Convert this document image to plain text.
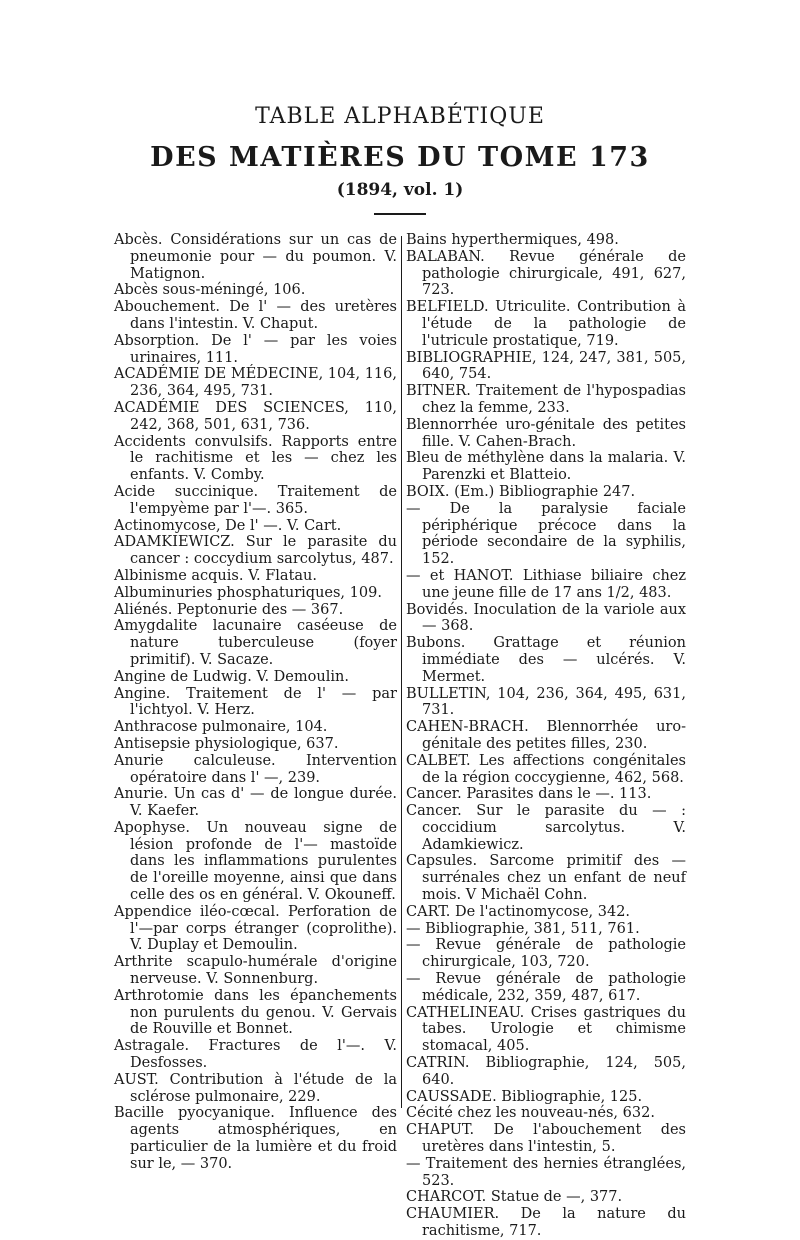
TABLE ALPHABÉTIQUE
DES MATIÈRES DU TOME 173
(1894, vol. 1)

Abcès. Considérations sur un cas de pneumonie pour — du poumon. V. Matignon.

Abcès sous-méningé, 106.

Abouchement. De l' — des uretères dans l'intestin. V. Chaput.

Absorption. De l' — par les voies urinaires, 111.

ACADÉMIE DE MÉDECINE, 104, 116, 236, 364, 495, 731.

ACADÉMIE DES SCIENCES, 110, 242, 368, 501, 631, 736.

Accidents convulsifs. Rapports entre le rachitisme et les — chez les enfants. V. Comby.

Acide succinique. Traitement de l'empyème par l'—. 365.

Actinomycose, De l' —. V. Cart.

ADAMKIEWICZ. Sur le parasite du cancer : coccydium sarcolytus, 487.

Albinisme acquis. V. Flatau.

Albuminuries phosphaturiques, 109.

Aliénés. Peptonurie des — 367.

Amygdalite lacunaire caséeuse de nature tuberculeuse (foyer primitif). V. Sacaze.

Angine de Ludwig. V. Demoulin.

Angine. Traitement de l' — par l'ichtyol. V. Herz.

Anthracose pulmonaire, 104.

Antisepsie physiologique, 637.

Anurie calculeuse. Intervention opératoire dans l' —, 239.

Anurie. Un cas d' — de longue durée. V. Kaefer.

Apophyse. Un nouveau signe de lésion profonde de l'— mastoïde dans les inflammations purulentes de l'oreille moyenne, ainsi que dans celle des os en général. V. Okouneff.

Appendice iléo-cœcal. Perforation de l'—par corps étranger (coprolithe). V. Duplay et Demoulin.

Arthrite scapulo-humérale d'origine nerveuse. V. Sonnenburg.

Arthrotomie dans les épanchements non purulents du genou. V. Gervais de Rouville et Bonnet.

Astragale. Fractures de l'—. V. Desfosses.

AUST. Contribution à l'étude de la sclérose pulmonaire, 229.

Bacille pyocyanique. Influence des agents atmosphériques, en particulier de la lumière et du froid sur le, — 370.

Bains hyperthermiques, 498.

BALABAN. Revue générale de pathologie chirurgicale, 491, 627, 723.

BELFIELD. Utriculite. Contribution à l'étude de la pathologie de l'utricule prostatique, 719.

BIBLIOGRAPHIE, 124, 247, 381, 505, 640, 754.

BITNER. Traitement de l'hypospadias chez la femme, 233.

Blennorrhée uro-génitale des petites fille. V. Cahen-Brach.

Bleu de méthylène dans la malaria. V. Parenzki et Blatteio.

BOIX. (Em.) Bibliographie 247.

— De la paralysie faciale périphérique précoce dans la période secondaire de la syphilis, 152.

— et HANOT. Lithiase biliaire chez une jeune fille de 17 ans 1/2, 483.

Bovidés. Inoculation de la variole aux — 368.

Bubons. Grattage et réunion immédiate des — ulcérés. V. Mermet.

BULLETIN, 104, 236, 364, 495, 631, 731.

CAHEN-BRACH. Blennorrhée uro-génitale des petites filles, 230.

CALBET. Les affections congénitales de la région coccygienne, 462, 568.

Cancer. Parasites dans le —. 113.

Cancer. Sur le parasite du — : coccidium sarcolytus. V. Adamkiewicz.

Capsules. Sarcome primitif des — surrénales chez un enfant de neuf mois. V Michaël Cohn.

CART. De l'actinomycose, 342.

— Bibliographie, 381, 511, 761.

— Revue générale de pathologie chirurgicale, 103, 720.

— Revue générale de pathologie médicale, 232, 359, 487, 617.

CATHELINEAU. Crises gastriques du tabes. Urologie et chimisme stomacal, 405.

CATRIN. Bibliographie, 124, 505, 640.

CAUSSADE. Bibliographie, 125.

Cécité chez les nouveau-nés, 632.

CHAPUT. De l'abouchement des uretères dans l'intestin, 5.

— Traitement des hernies étranglées, 523.

CHARCOT. Statue de —, 377.

CHAUMIER. De la nature du rachitisme, 717.
